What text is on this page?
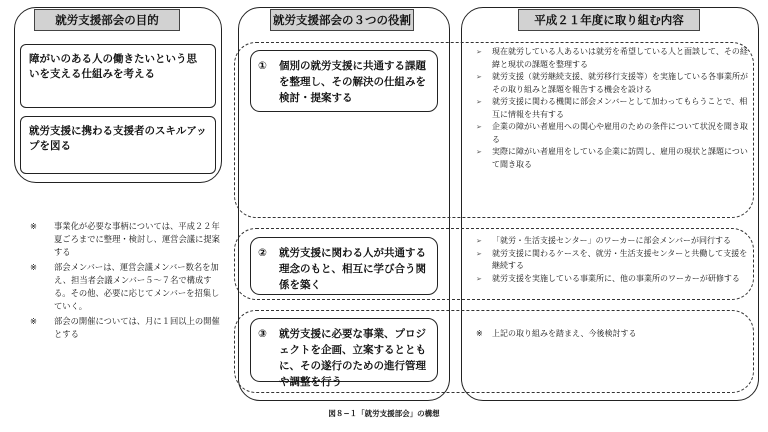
就労支援部会の目的	就労支援部会の３つの役割	平成２１年度に取り組む内容
障がいのある人の働きたいという思いを支える仕組みを考える
就労支援に携わる支援者のスキルアップを図る
① 個別の就労支援に共通する課題を整理し、その解決の仕組みを検討・提案する
② 就労支援に関わる人が共通する理念のもと、相互に学び合う関係を築く
③ 就労支援に必要な事業、プロジェクトを企画、立案するとともに、その遂行のための進行管理や調整を行う

➢ 現在就労している人あるいは就労を希望している人と面談して、その経緯と現状の課題を整理する

➢ 就労支援（就労継続支援、就労移行支援等）を実施している各事業所がその取り組みと課題を報告する機会を設ける

➢ 就労支援に関わる機関に部会メンバーとして加わってもらうことで、相互に情報を共有する

➢ 企業の障がい者雇用への関心や雇用のための条件について状況を聞き取る

➢ 実際に障がい者雇用をしている企業に訪問し、雇用の現状と課題について聞き取る

➢ 「就労・生活支援センター」のワーカーに部会メンバーが同行する

➢ 就労支援に関わるケースを、就労・生活支援センターと共働して支援を継続する

➢ 就労支援を実施している事業所に、他の事業所のワーカーが研修する

※ 上記の取り組みを踏まえ、今後検討する

※ 事業化が必要な事柄については、平成２２年夏ごろまでに整理・検討し、運営会議に提案する

※ 部会メンバーは、運営会議メンバー数名を加え、担当者会議メンバー５～７名で構成する。その他、必要に応じてメンバーを招集していく。

※ 部会の開催については、月に１回以上の開催とする

図８−１「就労支援部会」の構想
